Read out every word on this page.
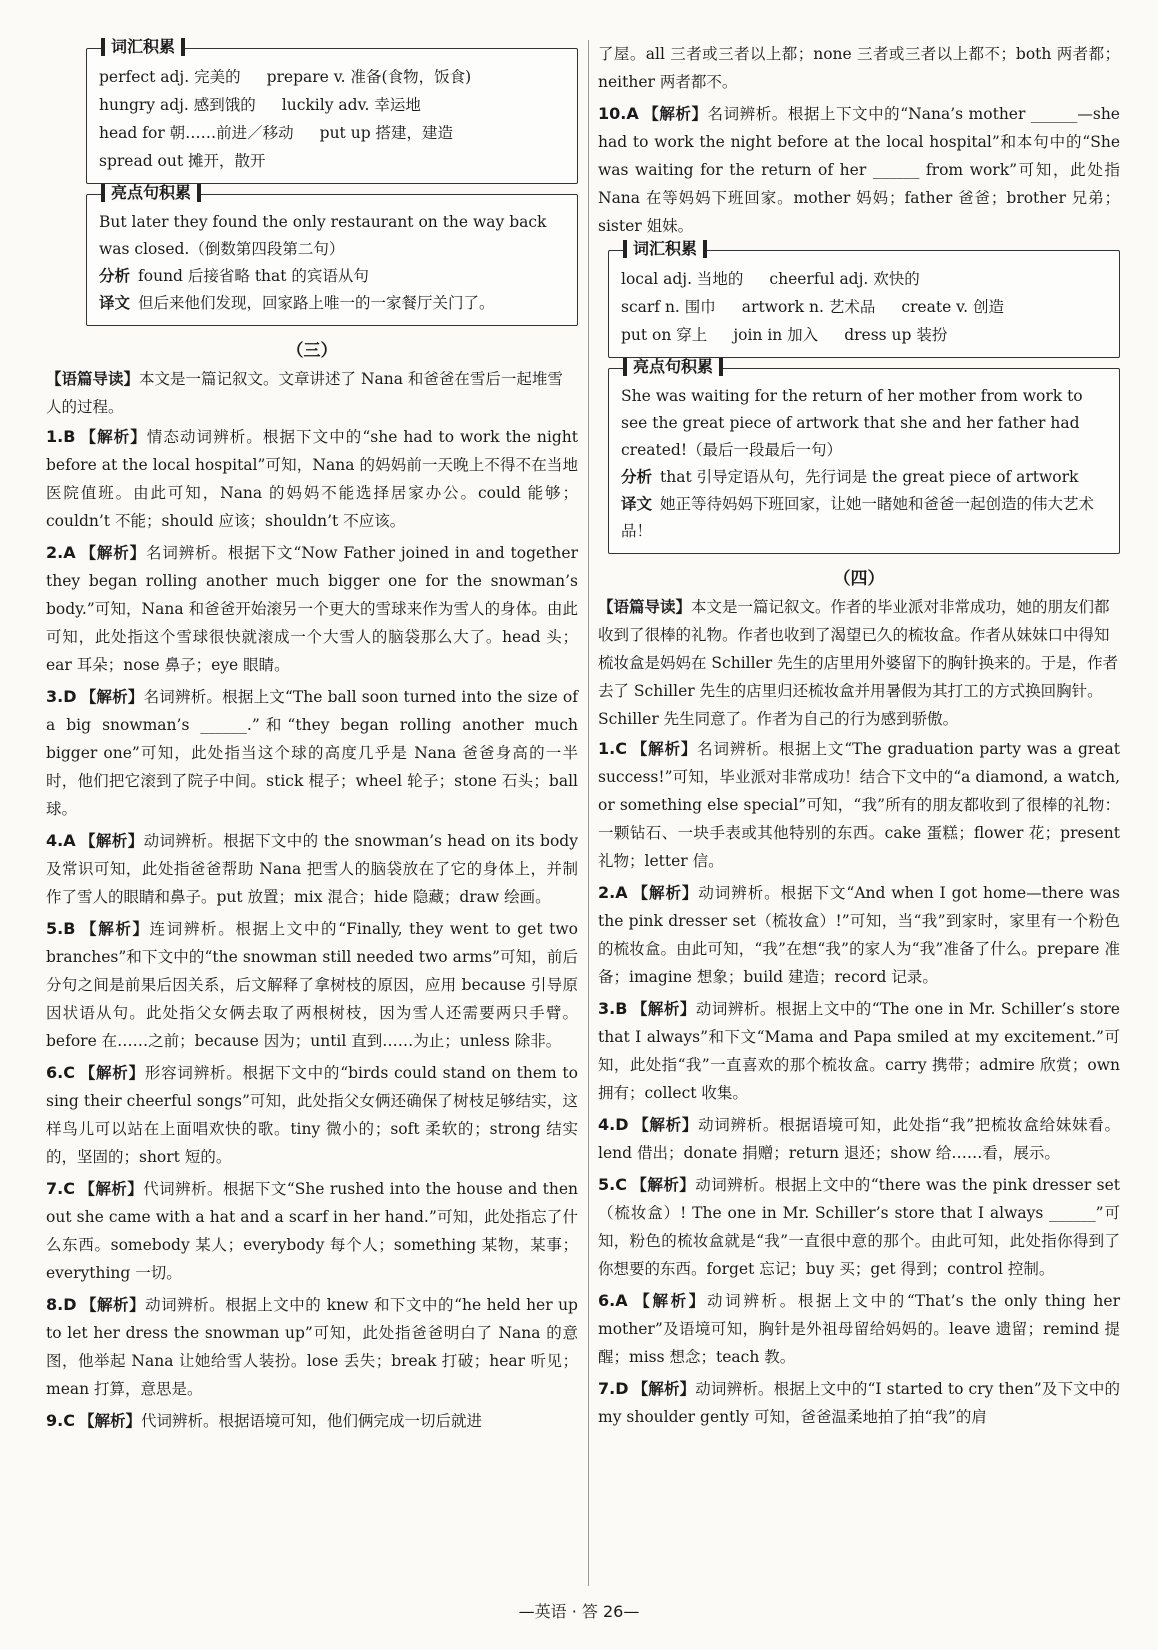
词汇积累
perfect adj. 完美的 prepare v. 准备(食物，饭食)
hungry adj. 感到饿的 luckily adv. 幸运地
head for 朝……前进／移动 put up 搭建，建造
spread out 摊开，散开
亮点句积累
But later they found the only restaurant on the way back was closed.（倒数第四段第二句）
分析 found 后接省略 that 的宾语从句
译文 但后来他们发现，回家路上唯一的一家餐厅关门了。
（三）
【语篇导读】本文是一篇记叙文。文章讲述了 Nana 和爸爸在雪后一起堆雪人的过程。
1.B 【解析】情态动词辨析。根据下文中的“she had to work the night before at the local hospital”可知，Nana 的妈妈前一天晚上不得不在当地医院值班。由此可知，Nana 的妈妈不能选择居家办公。could 能够；couldn’t 不能；should 应该；shouldn’t 不应该。
2.A 【解析】名词辨析。根据下文“Now Father joined in and together they began rolling another much bigger one for the snowman’s body.”可知，Nana 和爸爸开始滚另一个更大的雪球来作为雪人的身体。由此可知，此处指这个雪球很快就滚成一个大雪人的脑袋那么大了。head 头；ear 耳朵；nose 鼻子；eye 眼睛。
3.D 【解析】名词辨析。根据上文“The ball soon turned into the size of a big snowman’s ______.”和“they began rolling another much bigger one”可知，此处指当这个球的高度几乎是 Nana 爸爸身高的一半时，他们把它滚到了院子中间。stick 棍子；wheel 轮子；stone 石头；ball 球。
4.A 【解析】动词辨析。根据下文中的 the snowman’s head on its body 及常识可知，此处指爸爸帮助 Nana 把雪人的脑袋放在了它的身体上，并制作了雪人的眼睛和鼻子。put 放置；mix 混合；hide 隐藏；draw 绘画。
5.B 【解析】连词辨析。根据上文中的“Finally, they went to get two branches”和下文中的“the snowman still needed two arms”可知，前后分句之间是前果后因关系，后文解释了拿树枝的原因，应用 because 引导原因状语从句。此处指父女俩去取了两根树枝，因为雪人还需要两只手臂。before 在……之前；because 因为；until 直到……为止；unless 除非。
6.C 【解析】形容词辨析。根据下文中的“birds could stand on them to sing their cheerful songs”可知，此处指父女俩还确保了树枝足够结实，这样鸟儿可以站在上面唱欢快的歌。tiny 微小的；soft 柔软的；strong 结实的，坚固的；short 短的。
7.C 【解析】代词辨析。根据下文“She rushed into the house and then out she came with a hat and a scarf in her hand.”可知，此处指忘了什么东西。somebody 某人；everybody 每个人；something 某物，某事；everything 一切。
8.D 【解析】动词辨析。根据上文中的 knew 和下文中的“he held her up to let her dress the snowman up”可知，此处指爸爸明白了 Nana 的意图，他举起 Nana 让她给雪人装扮。lose 丢失；break 打破；hear 听见；mean 打算，意思是。
9.C 【解析】代词辨析。根据语境可知，他们俩完成一切后就进
了屋。all 三者或三者以上都；none 三者或三者以上都不；both 两者都；neither 两者都不。
10.A 【解析】名词辨析。根据上下文中的“Nana’s mother ______—she had to work the night before at the local hospital”和本句中的“She was waiting for the return of her ______ from work”可知，此处指 Nana 在等妈妈下班回家。mother 妈妈；father 爸爸；brother 兄弟；sister 姐妹。
词汇积累
local adj. 当地的 cheerful adj. 欢快的
scarf n. 围巾 artwork n. 艺术品 create v. 创造
put on 穿上 join in 加入 dress up 装扮
亮点句积累
She was waiting for the return of her mother from work to see the great piece of artwork that she and her father had created!（最后一段最后一句）
分析 that 引导定语从句，先行词是 the great piece of artwork
译文 她正等待妈妈下班回家，让她一睹她和爸爸一起创造的伟大艺术品！
（四）
【语篇导读】本文是一篇记叙文。作者的毕业派对非常成功，她的朋友们都收到了很棒的礼物。作者也收到了渴望已久的梳妆盒。作者从妹妹口中得知梳妆盒是妈妈在 Schiller 先生的店里用外婆留下的胸针换来的。于是，作者去了 Schiller 先生的店里归还梳妆盒并用暑假为其打工的方式换回胸针。Schiller 先生同意了。作者为自己的行为感到骄傲。
1.C 【解析】名词辨析。根据上文“The graduation party was a great success!”可知，毕业派对非常成功！结合下文中的“a diamond, a watch, or something else special”可知，“我”所有的朋友都收到了很棒的礼物：一颗钻石、一块手表或其他特别的东西。cake 蛋糕；flower 花；present 礼物；letter 信。
2.A 【解析】动词辨析。根据下文“And when I got home—there was the pink dresser set（梳妆盒）!”可知，当“我”到家时，家里有一个粉色的梳妆盒。由此可知，“我”在想“我”的家人为“我”准备了什么。prepare 准备；imagine 想象；build 建造；record 记录。
3.B 【解析】动词辨析。根据上文中的“The one in Mr. Schiller’s store that I always”和下文“Mama and Papa smiled at my excitement.”可知，此处指“我”一直喜欢的那个梳妆盒。carry 携带；admire 欣赏；own 拥有；collect 收集。
4.D 【解析】动词辨析。根据语境可知，此处指“我”把梳妆盒给妹妹看。lend 借出；donate 捐赠；return 退还；show 给……看，展示。
5.C 【解析】动词辨析。根据上文中的“there was the pink dresser set（梳妆盒）! The one in Mr. Schiller’s store that I always ______”可知，粉色的梳妆盒就是“我”一直很中意的那个。由此可知，此处指你得到了你想要的东西。forget 忘记；buy 买；get 得到；control 控制。
6.A 【解析】动词辨析。根据上文中的“That’s the only thing her mother”及语境可知，胸针是外祖母留给妈妈的。leave 遗留；remind 提醒；miss 想念；teach 教。
7.D 【解析】动词辨析。根据上文中的“I started to cry then”及下文中的 my shoulder gently 可知，爸爸温柔地拍了拍“我”的肩
—英语 · 答 26—
